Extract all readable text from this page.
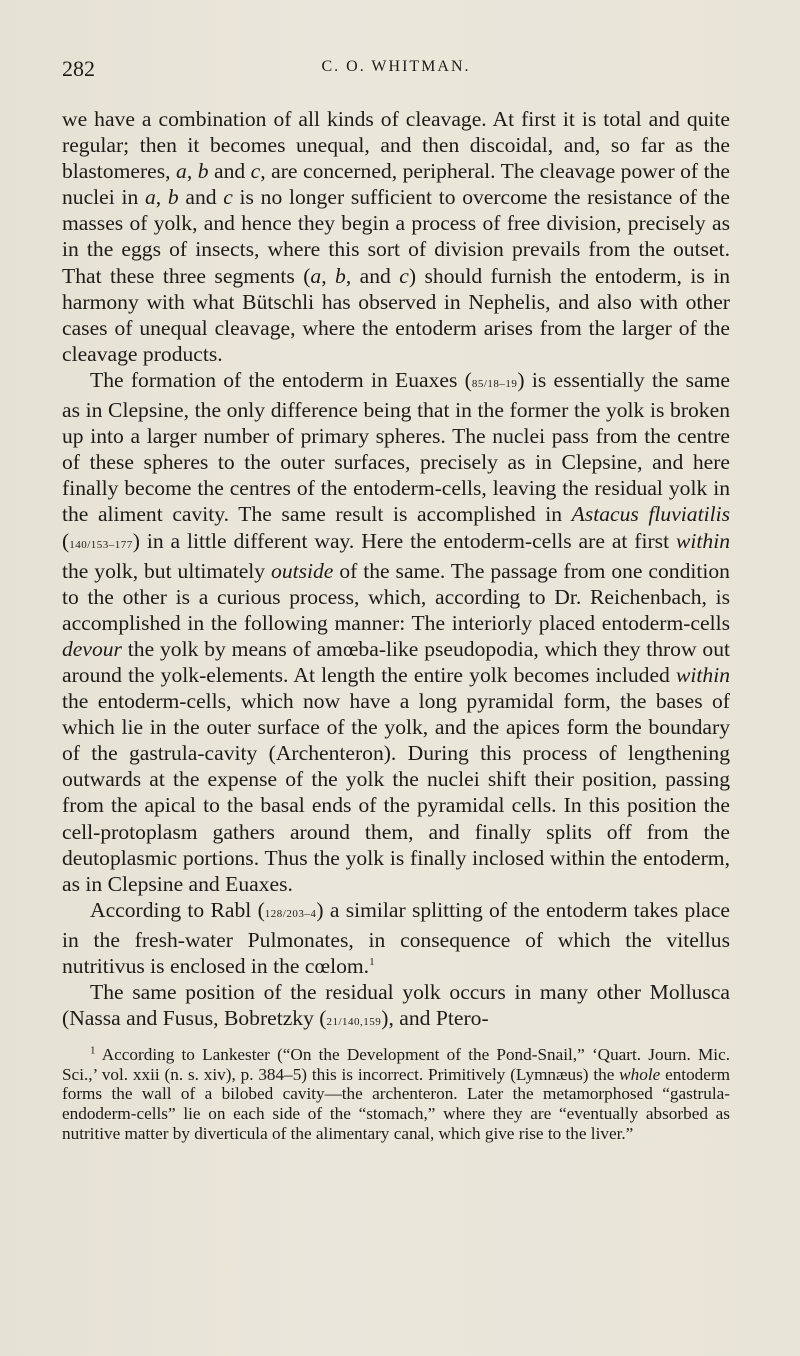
282	C. O. WHITMAN.

we have a combination of all kinds of cleavage. At first it is total and quite regular; then it becomes unequal, and then discoidal, and, so far as the blastomeres, a, b and c, are concerned, peripheral. The cleavage power of the nuclei in a, b and c is no longer sufficient to overcome the resistance of the masses of yolk, and hence they begin a process of free division, precisely as in the eggs of insects, where this sort of division prevails from the outset. That these three segments (a, b, and c) should furnish the entoderm, is in harmony with what Bütschli has observed in Nephelis, and also with other cases of unequal cleavage, where the entoderm arises from the larger of the cleavage products.

The formation of the entoderm in Euaxes (85/18–19) is essentially the same as in Clepsine, the only difference being that in the former the yolk is broken up into a larger number of primary spheres. The nuclei pass from the centre of these spheres to the outer surfaces, precisely as in Clepsine, and here finally become the centres of the entoderm-cells, leaving the residual yolk in the aliment cavity. The same result is accomplished in Astacus fluviatilis (140/153–177) in a little different way. Here the entoderm-cells are at first within the yolk, but ultimately outside of the same. The passage from one condition to the other is a curious process, which, according to Dr. Reichenbach, is accomplished in the following manner: The interiorly placed entoderm-cells devour the yolk by means of amœba-like pseudopodia, which they throw out around the yolk-elements. At length the entire yolk becomes included within the entoderm-cells, which now have a long pyramidal form, the bases of which lie in the outer surface of the yolk, and the apices form the boundary of the gastrula-cavity (Archenteron). During this process of lengthening outwards at the expense of the yolk the nuclei shift their position, passing from the apical to the basal ends of the pyramidal cells. In this position the cell-protoplasm gathers around them, and finally splits off from the deutoplasmic portions. Thus the yolk is finally inclosed within the entoderm, as in Clepsine and Euaxes.

According to Rabl (128/203–4) a similar splitting of the entoderm takes place in the fresh-water Pulmonates, in consequence of which the vitellus nutritivus is enclosed in the cœlom.$^1$

The same position of the residual yolk occurs in many other Mollusca (Nassa and Fusus, Bobretzky (21/140,159), and Ptero-

$^1$ According to Lankester (“On the Development of the Pond-Snail,” ‘Quart. Journ. Mic. Sci.,’ vol. xxii (n. s. xiv), p. 384–5) this is incorrect. Primitively (Lymnæus) the whole entoderm forms the wall of a bilobed cavity—the archenteron. Later the metamorphosed “gastrula-endoderm-cells” lie on each side of the “stomach,” where they are “eventually absorbed as nutritive matter by diverticula of the alimentary canal, which give rise to the liver.”
